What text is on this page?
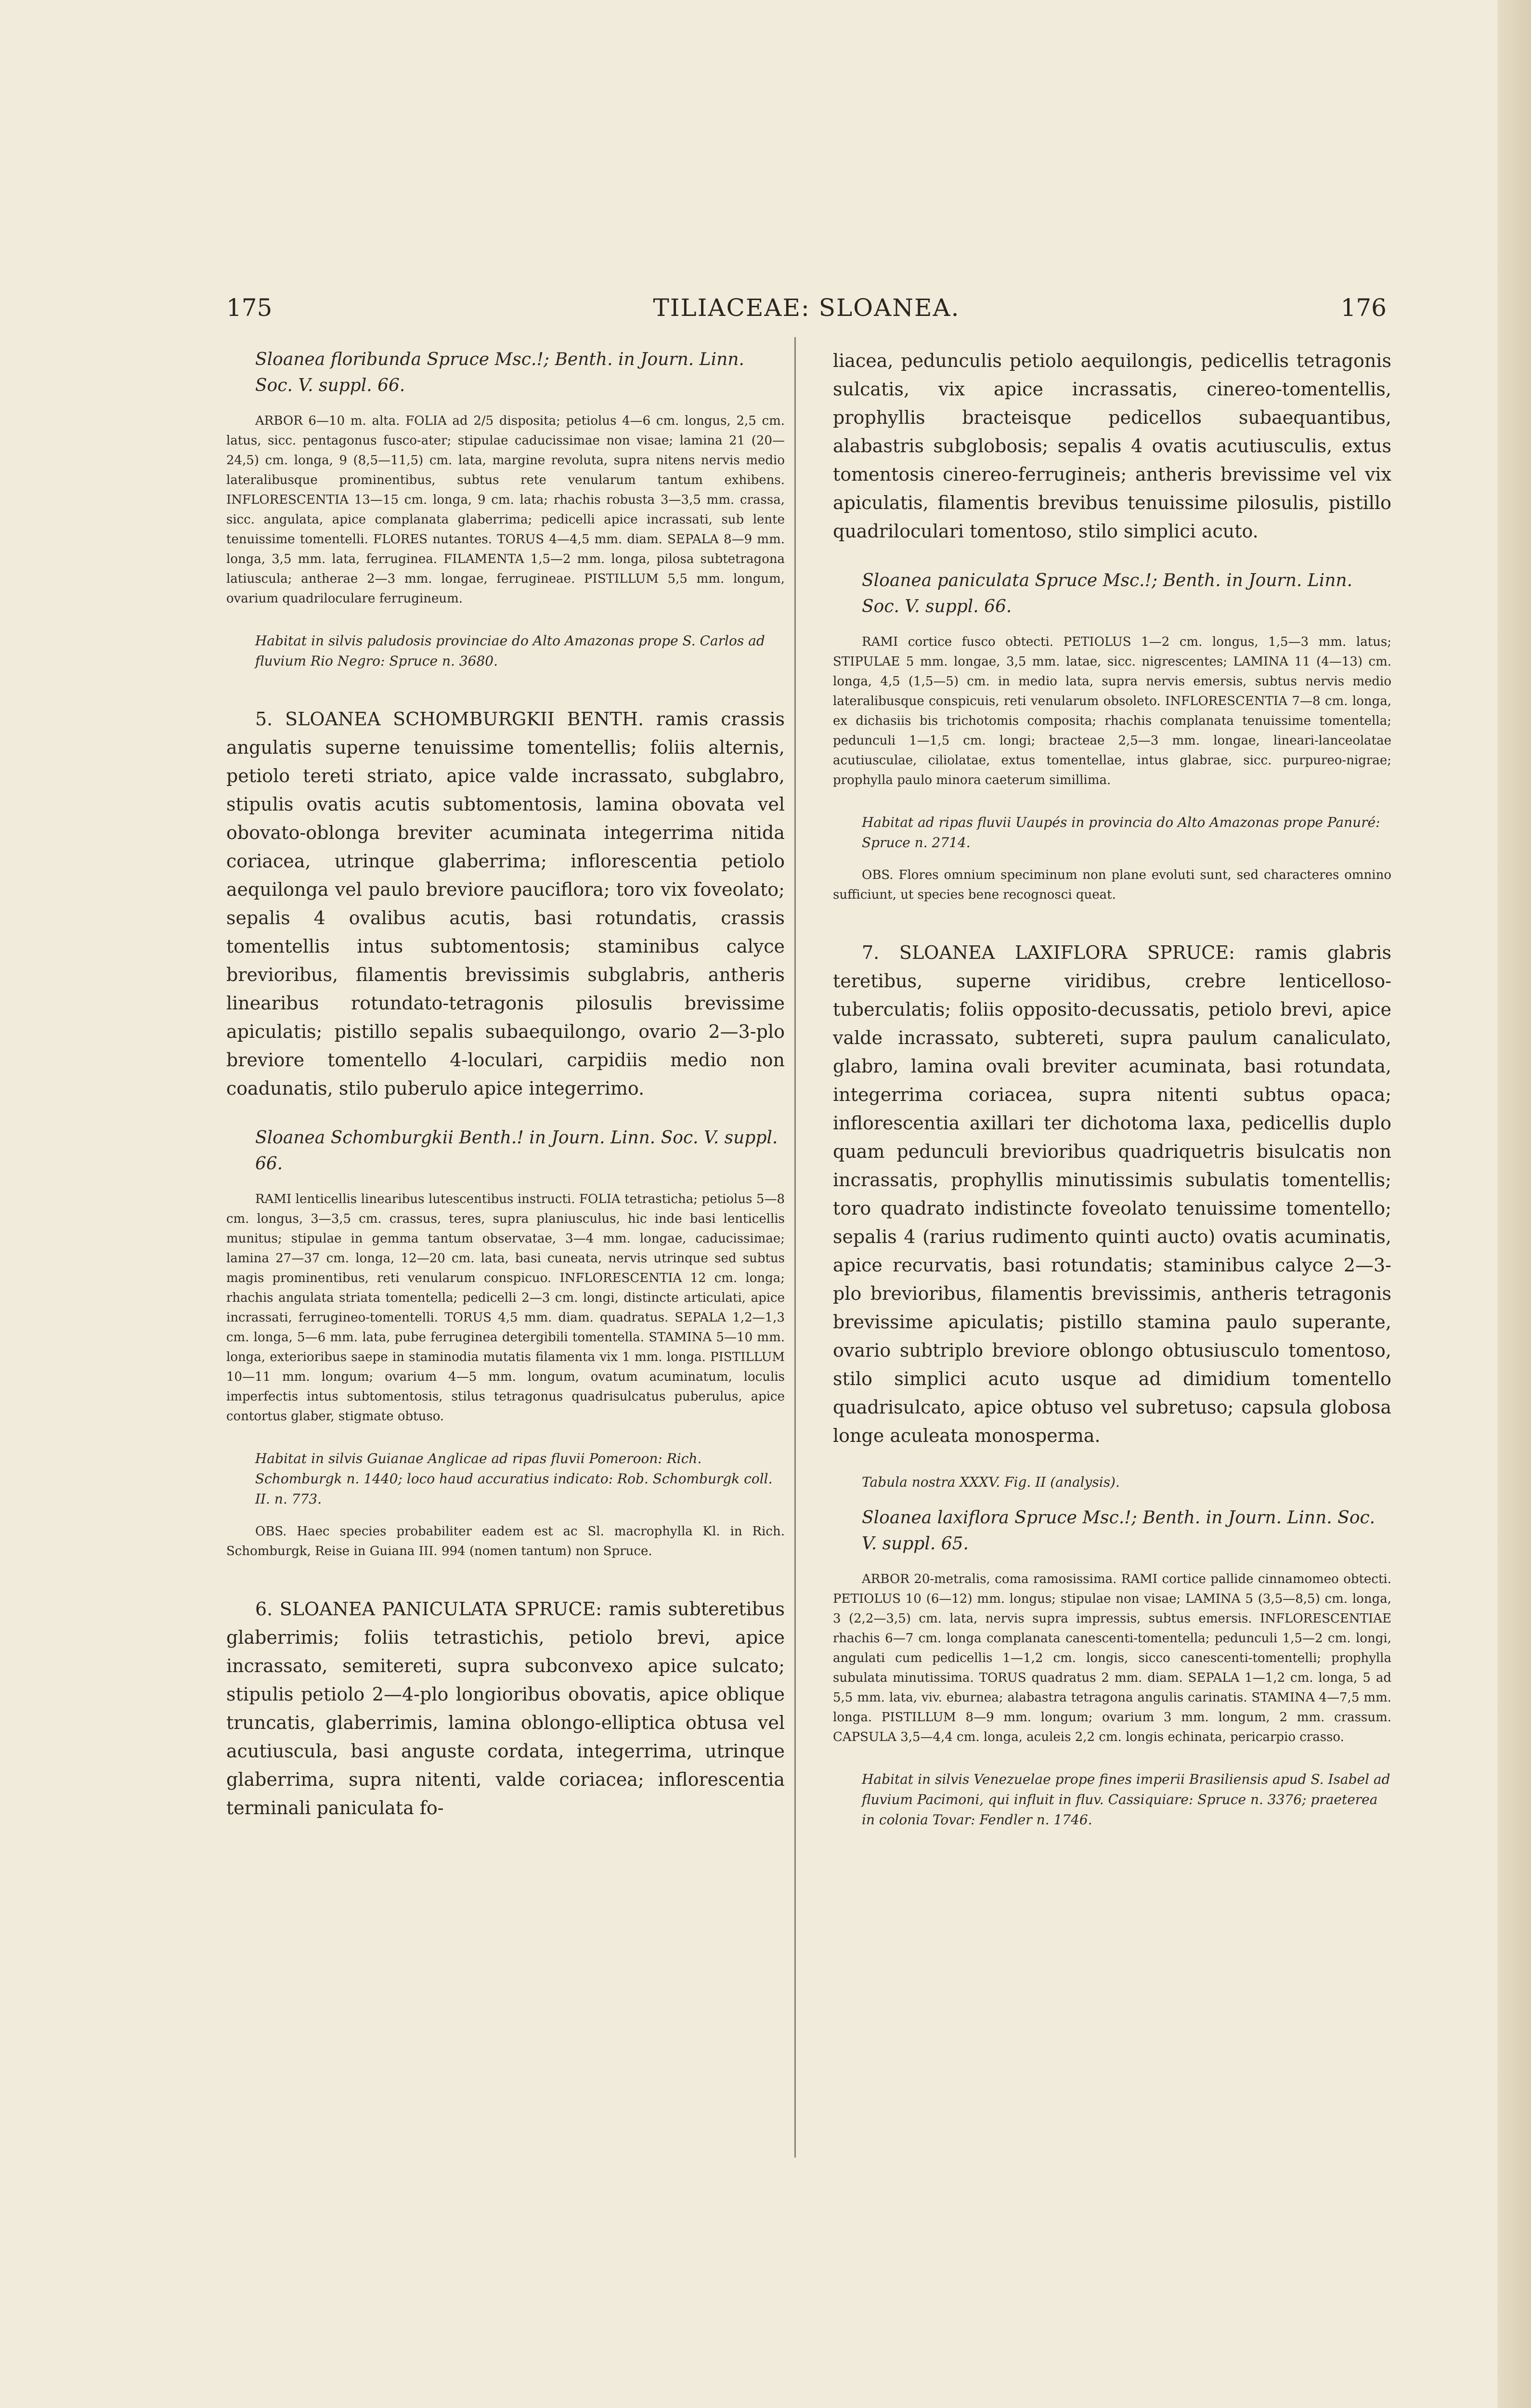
175	TILIACEAE: SLOANEA.	176

Sloanea floribunda Spruce Msc.!; Benth. in Journ. Linn. Soc. V. suppl. 66.

ARBOR 6—10 m. alta. FOLIA ad 2/5 disposita; petiolus 4—6 cm. longus, 2,5 cm. latus, sicc. pentagonus fusco-ater; stipulae caducissimae non visae; lamina 21 (20—24,5) cm. longa, 9 (8,5—11,5) cm. lata, margine revoluta, supra nitens nervis medio lateralibusque prominentibus, subtus rete venularum tantum exhibens. INFLORESCENTIA 13—15 cm. longa, 9 cm. lata; rhachis robusta 3—3,5 mm. crassa, sicc. angulata, apice complanata glaberrima; pedicelli apice incrassati, sub lente tenuissime tomentelli. FLORES nutantes. TORUS 4—4,5 mm. diam. SEPALA 8—9 mm. longa, 3,5 mm. lata, ferruginea. FILAMENTA 1,5—2 mm. longa, pilosa subtetragona latiuscula; antherae 2—3 mm. longae, ferrugineae. PISTILLUM 5,5 mm. longum, ovarium quadriloculare ferrugineum.

Habitat in silvis paludosis provinciae do Alto Amazonas prope S. Carlos ad fluvium Rio Negro: Spruce n. 3680.

5. SLOANEA SCHOMBURGKII BENTH. ramis crassis angulatis superne tenuissime tomentellis; foliis alternis, petiolo tereti striato, apice valde incrassato, subglabro, stipulis ovatis acutis subtomentosis, lamina obovata vel obovato-oblonga breviter acuminata integerrima nitida coriacea, utrinque glaberrima; inflorescentia petiolo aequilonga vel paulo breviore pauciflora; toro vix foveolato; sepalis 4 ovalibus acutis, basi rotundatis, crassis tomentellis intus subtomentosis; staminibus calyce brevioribus, filamentis brevissimis subglabris, antheris linearibus rotundato-tetragonis pilosulis brevissime apiculatis; pistillo sepalis subaequilongo, ovario 2—3-plo breviore tomentello 4-loculari, carpidiis medio non coadunatis, stilo puberulo apice integerrimo.

Sloanea Schomburgkii Benth.! in Journ. Linn. Soc. V. suppl. 66.

RAMI lenticellis linearibus lutescentibus instructi. FOLIA tetrasticha; petiolus 5—8 cm. longus, 3—3,5 cm. crassus, teres, supra planiusculus, hic inde basi lenticellis munitus; stipulae in gemma tantum observatae, 3—4 mm. longae, caducissimae; lamina 27—37 cm. longa, 12—20 cm. lata, basi cuneata, nervis utrinque sed subtus magis prominentibus, reti venularum conspicuo. INFLORESCENTIA 12 cm. longa; rhachis angulata striata tomentella; pedicelli 2—3 cm. longi, distincte articulati, apice incrassati, ferrugineo-tomentelli. TORUS 4,5 mm. diam. quadratus. SEPALA 1,2—1,3 cm. longa, 5—6 mm. lata, pube ferruginea detergibili tomentella. STAMINA 5—10 mm. longa, exterioribus saepe in staminodia mutatis filamenta vix 1 mm. longa. PISTILLUM 10—11 mm. longum; ovarium 4—5 mm. longum, ovatum acuminatum, loculis imperfectis intus subtomentosis, stilus tetragonus quadrisulcatus puberulus, apice contortus glaber, stigmate obtuso.

Habitat in silvis Guianae Anglicae ad ripas fluvii Pomeroon: Rich. Schomburgk n. 1440; loco haud accuratius indicato: Rob. Schomburgk coll. II. n. 773.

OBS. Haec species probabiliter eadem est ac Sl. macrophylla Kl. in Rich. Schomburgk, Reise in Guiana III. 994 (nomen tantum) non Spruce.

6. SLOANEA PANICULATA SPRUCE: ramis subteretibus glaberrimis; foliis tetrastichis, petiolo brevi, apice incrassato, semitereti, supra subconvexo apice sulcato; stipulis petiolo 2—4-plo longioribus obovatis, apice oblique truncatis, glaberrimis, lamina oblongo-elliptica obtusa vel acutiuscula, basi anguste cordata, integerrima, utrinque glaberrima, supra nitenti, valde coriacea; inflorescentia terminali paniculata fo-

liacea, pedunculis petiolo aequilongis, pedicellis tetragonis sulcatis, vix apice incrassatis, cinereo-tomentellis, prophyllis bracteisque pedicellos subaequantibus, alabastris subglobosis; sepalis 4 ovatis acutiusculis, extus tomentosis cinereo-ferrugineis; antheris brevissime vel vix apiculatis, filamentis brevibus tenuissime pilosulis, pistillo quadriloculari tomentoso, stilo simplici acuto.

Sloanea paniculata Spruce Msc.!; Benth. in Journ. Linn. Soc. V. suppl. 66.

RAMI cortice fusco obtecti. PETIOLUS 1—2 cm. longus, 1,5—3 mm. latus; STIPULAE 5 mm. longae, 3,5 mm. latae, sicc. nigrescentes; LAMINA 11 (4—13) cm. longa, 4,5 (1,5—5) cm. in medio lata, supra nervis emersis, subtus nervis medio lateralibusque conspicuis, reti venularum obsoleto. INFLORESCENTIA 7—8 cm. longa, ex dichasiis bis trichotomis composita; rhachis complanata tenuissime tomentella; pedunculi 1—1,5 cm. longi; bracteae 2,5—3 mm. longae, lineari-lanceolatae acutiusculae, ciliolatae, extus tomentellae, intus glabrae, sicc. purpureo-nigrae; prophylla paulo minora caeterum simillima.

Habitat ad ripas fluvii Uaupés in provincia do Alto Amazonas prope Panuré: Spruce n. 2714.

OBS. Flores omnium speciminum non plane evoluti sunt, sed characteres omnino sufficiunt, ut species bene recognosci queat.

7. SLOANEA LAXIFLORA SPRUCE: ramis glabris teretibus, superne viridibus, crebre lenticelloso-tuberculatis; foliis opposito-decussatis, petiolo brevi, apice valde incrassato, subtereti, supra paulum canaliculato, glabro, lamina ovali breviter acuminata, basi rotundata, integerrima coriacea, supra nitenti subtus opaca; inflorescentia axillari ter dichotoma laxa, pedicellis duplo quam pedunculi brevioribus quadriquetris bisulcatis non incrassatis, prophyllis minutissimis subulatis tomentellis; toro quadrato indistincte foveolato tenuissime tomentello; sepalis 4 (rarius rudimento quinti aucto) ovatis acuminatis, apice recurvatis, basi rotundatis; staminibus calyce 2—3-plo brevioribus, filamentis brevissimis, antheris tetragonis brevissime apiculatis; pistillo stamina paulo superante, ovario subtriplo breviore oblongo obtusiusculo tomentoso, stilo simplici acuto usque ad dimidium tomentello quadrisulcato, apice obtuso vel subretuso; capsula globosa longe aculeata monosperma.

Tabula nostra XXXV. Fig. II (analysis).

Sloanea laxiflora Spruce Msc.!; Benth. in Journ. Linn. Soc. V. suppl. 65.

ARBOR 20-metralis, coma ramosissima. RAMI cortice pallide cinnamomeo obtecti. PETIOLUS 10 (6—12) mm. longus; stipulae non visae; LAMINA 5 (3,5—8,5) cm. longa, 3 (2,2—3,5) cm. lata, nervis supra impressis, subtus emersis. INFLORESCENTIAE rhachis 6—7 cm. longa complanata canescenti-tomentella; pedunculi 1,5—2 cm. longi, angulati cum pedicellis 1—1,2 cm. longis, sicco canescenti-tomentelli; prophylla subulata minutissima. TORUS quadratus 2 mm. diam. SEPALA 1—1,2 cm. longa, 5 ad 5,5 mm. lata, viv. eburnea; alabastra tetragona angulis carinatis. STAMINA 4—7,5 mm. longa. PISTILLUM 8—9 mm. longum; ovarium 3 mm. longum, 2 mm. crassum. CAPSULA 3,5—4,4 cm. longa, aculeis 2,2 cm. longis echinata, pericarpio crasso.

Habitat in silvis Venezuelae prope fines imperii Brasiliensis apud S. Isabel ad fluvium Pacimoni, qui influit in fluv. Cassiquiare: Spruce n. 3376; praeterea in colonia Tovar: Fendler n. 1746.
